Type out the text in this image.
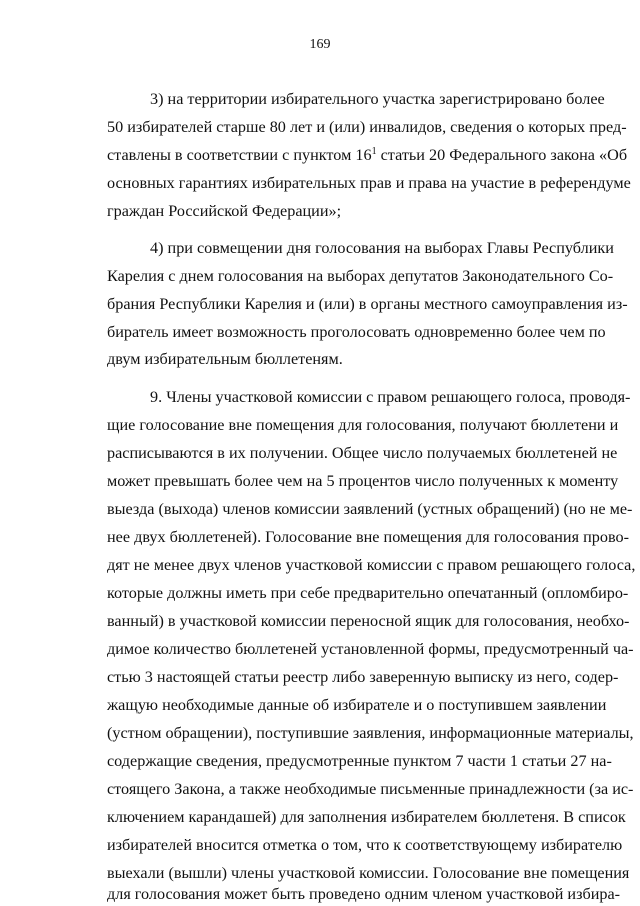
169
3) на территории избирательного участка зарегистрировано более
50 избирателей старше 80 лет и (или) инвалидов, сведения о которых пред-
ставлены в соответствии с пунктом $16^1$ статьи 20 Федерального закона «Об
основных гарантиях избирательных прав и права на участие в референдуме
граждан Российской Федерации»;
4) при совмещении дня голосования на выборах Главы Республики
Карелия с днем голосования на выборах депутатов Законодательного Со-
брания Республики Карелия и (или) в органы местного самоуправления из-
биратель имеет возможность проголосовать одновременно более чем по
двум избирательным бюллетеням.
9. Члены участковой комиссии с правом решающего голоса, проводя-
щие голосование вне помещения для голосования, получают бюллетени и
расписываются в их получении. Общее число получаемых бюллетеней не
может превышать более чем на 5 процентов число полученных к моменту
выезда (выхода) членов комиссии заявлений (устных обращений) (но не ме-
нее двух бюллетеней). Голосование вне помещения для голосования прово-
дят не менее двух членов участковой комиссии с правом решающего голоса,
которые должны иметь при себе предварительно опечатанный (опломбиро-
ванный) в участковой комиссии переносной ящик для голосования, необхо-
димое количество бюллетеней установленной формы, предусмотренный ча-
стью 3 настоящей статьи реестр либо заверенную выписку из него, содер-
жащую необходимые данные об избирателе и о поступившем заявлении
(устном обращении), поступившие заявления, информационные материалы,
содержащие сведения, предусмотренные пунктом 7 части 1 статьи 27 на-
стоящего Закона, а также необходимые письменные принадлежности (за ис-
ключением карандашей) для заполнения избирателем бюллетеня. В список
избирателей вносится отметка о том, что к соответствующему избирателю
выехали (вышли) члены участковой комиссии. Голосование вне помещения
для голосования может быть проведено одним членом участковой избира-
